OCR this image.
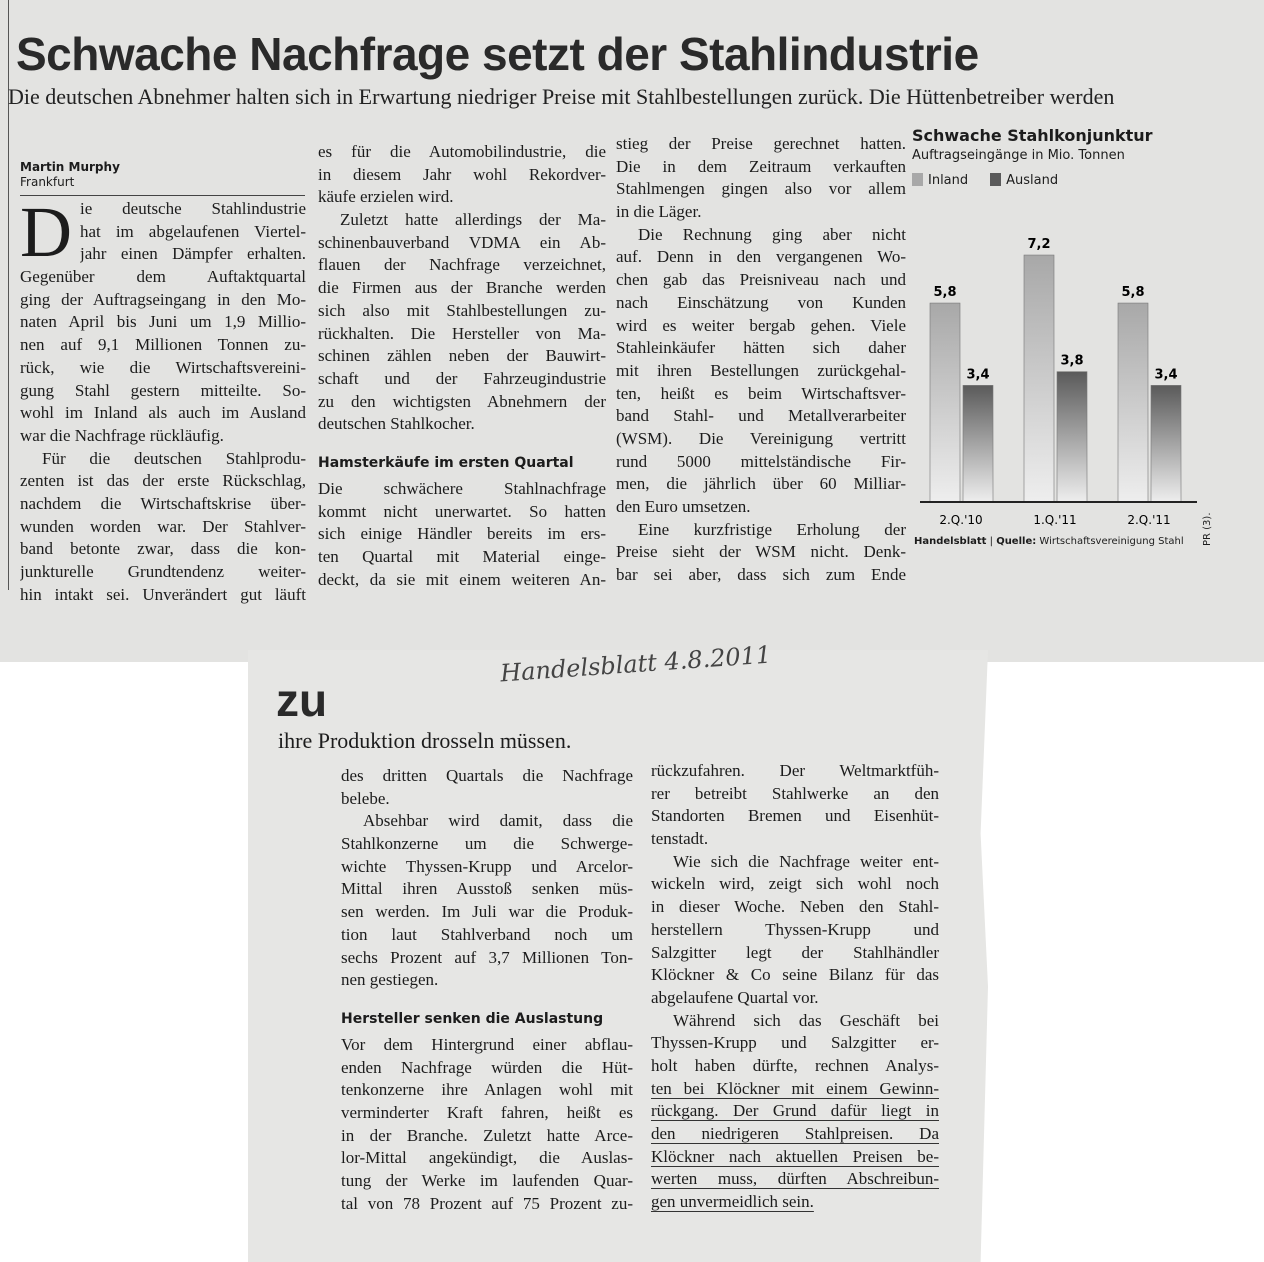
Schwache Nachfrage setzt der Stahlindustrie
Die deutschen Abnehmer halten sich in Erwartung niedriger Preise mit Stahlbestellungen zurück. Die Hüttenbetreiber werden
Martin Murphy
Frankfurt
D ie deutsche Stahlindustrie
hat im abgelaufenen Viertel-
jahr einen Dämpfer erhalten.
Gegenüber dem Auftaktquartal
ging der Auftragseingang in den Mo-
naten April bis Juni um 1,9 Millio-
nen auf 9,1 Millionen Tonnen zu-
rück, wie die Wirtschaftsvereini-
gung Stahl gestern mitteilte. So-
wohl im Inland als auch im Ausland
war die Nachfrage rückläufig.
Für die deutschen Stahlprodu-
zenten ist das der erste Rückschlag,
nachdem die Wirtschaftskrise über-
wunden worden war. Der Stahlver-
band betonte zwar, dass die kon-
junkturelle Grundtendenz weiter-
hin intakt sei. Unverändert gut läuft
es für die Automobilindustrie, die
in diesem Jahr wohl Rekordver-
käufe erzielen wird.
Zuletzt hatte allerdings der Ma-
schinenbauverband VDMA ein Ab-
flauen der Nachfrage verzeichnet,
die Firmen aus der Branche werden
sich also mit Stahlbestellungen zu-
rückhalten. Die Hersteller von Ma-
schinen zählen neben der Bauwirt-
schaft und der Fahrzeugindustrie
zu den wichtigsten Abnehmern der
deutschen Stahlkocher.
Hamsterkäufe im ersten Quartal
Die schwächere Stahlnachfrage
kommt nicht unerwartet. So hatten
sich einige Händler bereits im ers-
ten Quartal mit Material einge-
deckt, da sie mit einem weiteren An-
stieg der Preise gerechnet hatten.
Die in dem Zeitraum verkauften
Stahlmengen gingen also vor allem
in die Läger.
Die Rechnung ging aber nicht
auf. Denn in den vergangenen Wo-
chen gab das Preisniveau nach und
nach Einschätzung von Kunden
wird es weiter bergab gehen. Viele
Stahleinkäufer hätten sich daher
mit ihren Bestellungen zurückgehal-
ten, heißt es beim Wirtschaftsver-
band Stahl- und Metallverarbeiter
(WSM). Die Vereinigung vertritt
rund 5000 mittelständische Fir-
men, die jährlich über 60 Milliar-
den Euro umsetzen.
Eine kurzfristige Erholung der
Preise sieht der WSM nicht. Denk-
bar sei aber, dass sich zum Ende
Schwache Stahlkonjunktur
Auftragseingänge in Mio. Tonnen
Inland	Ausland
5,8
3,4
2.Q.'10
7,2
3,8
1.Q.'11
5,8
3,4
2.Q.'11
Handelsblatt | Quelle: Wirtschaftsvereinigung Stahl	PR (3).
Handelsblatt 4.8.2011
zu
ihre Produktion drosseln müssen.
des dritten Quartals die Nachfrage
belebe.
Absehbar wird damit, dass die
Stahlkonzerne um die Schwerge-
wichte Thyssen-Krupp und Arcelor-
Mittal ihren Ausstoß senken müs-
sen werden. Im Juli war die Produk-
tion laut Stahlverband noch um
sechs Prozent auf 3,7 Millionen Ton-
nen gestiegen.
Hersteller senken die Auslastung
Vor dem Hintergrund einer abflau-
enden Nachfrage würden die Hüt-
tenkonzerne ihre Anlagen wohl mit
verminderter Kraft fahren, heißt es
in der Branche. Zuletzt hatte Arce-
lor-Mittal angekündigt, die Auslas-
tung der Werke im laufenden Quar-
tal von 78 Prozent auf 75 Prozent zu-
rückzufahren. Der Weltmarktfüh-
rer betreibt Stahlwerke an den
Standorten Bremen und Eisenhüt-
tenstadt.
Wie sich die Nachfrage weiter ent-
wickeln wird, zeigt sich wohl noch
in dieser Woche. Neben den Stahl-
herstellern Thyssen-Krupp und
Salzgitter legt der Stahlhändler
Klöckner & Co seine Bilanz für das
abgelaufene Quartal vor.
Während sich das Geschäft bei
Thyssen-Krupp und Salzgitter er-
holt haben dürfte, rechnen Analys-
ten bei Klöckner mit einem Gewinn-
rückgang. Der Grund dafür liegt in
den niedrigeren Stahlpreisen. Da
Klöckner nach aktuellen Preisen be-
werten muss, dürften Abschreibun-
gen unvermeidlich sein.
